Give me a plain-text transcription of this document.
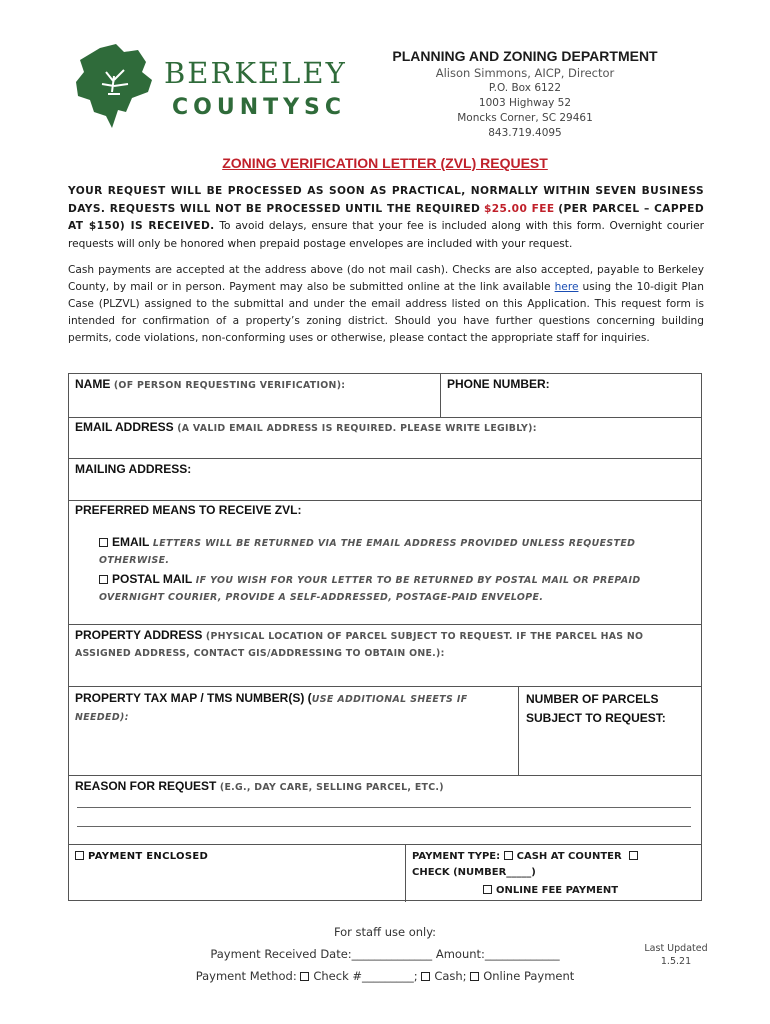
BERKELEY
COUNTYSC
PLANNING AND ZONING DEPARTMENT
Alison Simmons, AICP, Director
P.O. Box 6122
1003 Highway 52
Moncks Corner, SC 29461
843.719.4095
ZONING VERIFICATION LETTER (ZVL) REQUEST
YOUR REQUEST WILL BE PROCESSED AS SOON AS PRACTICAL, NORMALLY WITHIN SEVEN BUSINESS DAYS. REQUESTS WILL NOT BE PROCESSED UNTIL THE REQUIRED $25.00 FEE (PER PARCEL – CAPPED AT $150) IS RECEIVED. To avoid delays, ensure that your fee is included along with this form. Overnight courier requests will only be honored when prepaid postage envelopes are included with your request.
Cash payments are accepted at the address above (do not mail cash). Checks are also accepted, payable to Berkeley County, by mail or in person. Payment may also be submitted online at the link available here using the 10-digit Plan Case (PLZVL) assigned to the submittal and under the email address listed on this Application. This request form is intended for confirmation of a property’s zoning district. Should you have further questions concerning building permits, code violations, non-conforming uses or otherwise, please contact the appropriate staff for inquiries.
NAME (OF PERSON REQUESTING VERIFICATION):	PHONE NUMBER:
EMAIL ADDRESS (A VALID EMAIL ADDRESS IS REQUIRED. PLEASE WRITE LEGIBLY):
MAILING ADDRESS:
PREFERRED MEANS TO RECEIVE ZVL:
EMAIL LETTERS WILL BE RETURNED VIA THE EMAIL ADDRESS PROVIDED UNLESS REQUESTED OTHERWISE.
POSTAL MAIL IF YOU WISH FOR YOUR LETTER TO BE RETURNED BY POSTAL MAIL OR PREPAID OVERNIGHT COURIER, PROVIDE A SELF-ADDRESSED, POSTAGE-PAID ENVELOPE.
PROPERTY ADDRESS (PHYSICAL LOCATION OF PARCEL SUBJECT TO REQUEST. IF THE PARCEL HAS NO ASSIGNED ADDRESS, CONTACT GIS/ADDRESSING TO OBTAIN ONE.):
PROPERTY TAX MAP / TMS NUMBER(S) (USE ADDITIONAL SHEETS IF NEEDED):
NUMBER OF PARCELS SUBJECT TO REQUEST:
REASON FOR REQUEST (E.G., DAY CARE, SELLING PARCEL, ETC.)
PAYMENT ENCLOSED	PAYMENT TYPE: CASH AT COUNTER
CHECK (NUMBER_____)
ONLINE FEE PAYMENT
For staff use only:
Payment Received Date:______________ Amount:_____________
Payment Method: Check #_________; Cash; Online Payment
Last Updated
1.5.21
